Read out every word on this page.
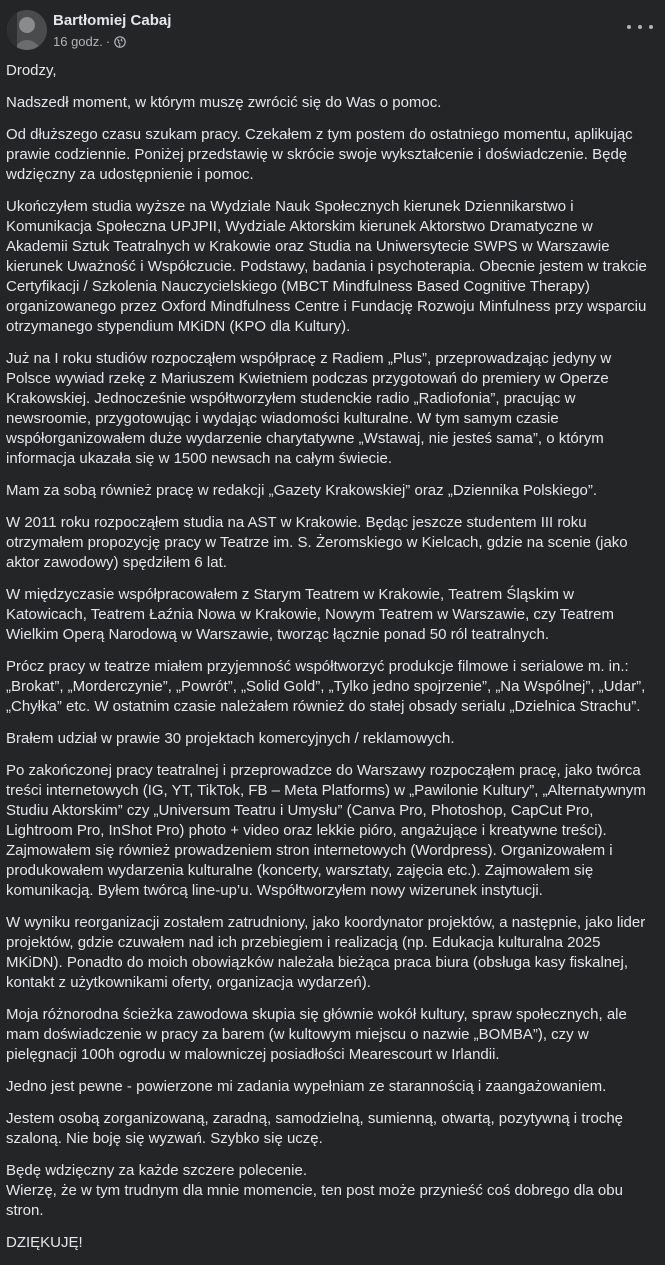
Bartłomiej Cabaj
16 godz. ·

Drodzy,

Nadszedł moment, w którym muszę zwrócić się do Was o pomoc.

Od dłuższego czasu szukam pracy. Czekałem z tym postem do ostatniego momentu, aplikując prawie codziennie. Poniżej przedstawię w skrócie swoje wykształcenie i doświadczenie. Będę wdzięczny za udostępnienie i pomoc.

Ukończyłem studia wyższe na Wydziale Nauk Społecznych kierunek Dziennikarstwo i Komunikacja Społeczna UPJPII, Wydziale Aktorskim kierunek Aktorstwo Dramatyczne w Akademii Sztuk Teatralnych w Krakowie oraz Studia na Uniwersytecie SWPS w Warszawie kierunek Uważność i Współczucie. Podstawy, badania i psychoterapia. Obecnie jestem w trakcie Certyfikacji / Szkolenia Nauczycielskiego (MBCT Mindfulness Based Cognitive Therapy) organizowanego przez Oxford Mindfulness Centre i Fundację Rozwoju Minfulness przy wsparciu otrzymanego stypendium MKiDN (KPO dla Kultury).

Już na I roku studiów rozpocząłem współpracę z Radiem „Plus”, przeprowadzając jedyny w Polsce wywiad rzekę z Mariuszem Kwietniem podczas przygotowań do premiery w Operze Krakowskiej. Jednocześnie współtworzyłem studenckie radio „Radiofonia”, pracując w newsroomie, przygotowując i wydając wiadomości kulturalne. W tym samym czasie współorganizowałem duże wydarzenie charytatywne „Wstawaj, nie jesteś sama”, o którym informacja ukazała się w 1500 newsach na całym świecie.

Mam za sobą również pracę w redakcji „Gazety Krakowskiej” oraz „Dziennika Polskiego”.

W 2011 roku rozpocząłem studia na AST w Krakowie. Będąc jeszcze studentem III roku otrzymałem propozycję pracy w Teatrze im. S. Żeromskiego w Kielcach, gdzie na scenie (jako aktor zawodowy) spędziłem 6 lat.

W międzyczasie współpracowałem z Starym Teatrem w Krakowie, Teatrem Śląskim w Katowicach, Teatrem Łaźnia Nowa w Krakowie, Nowym Teatrem w Warszawie, czy Teatrem Wielkim Operą Narodową w Warszawie, tworząc łącznie ponad 50 ról teatralnych.

Prócz pracy w teatrze miałem przyjemność współtworzyć produkcje filmowe i serialowe m. in.: „Brokat”, „Morderczynie”, „Powrót”, „Solid Gold”, „Tylko jedno spojrzenie”, „Na Wspólnej”, „Udar”, „Chyłka” etc. W ostatnim czasie należałem również do stałej obsady serialu „Dzielnica Strachu”.

Brałem udział w prawie 30 projektach komercyjnych / reklamowych.

Po zakończonej pracy teatralnej i przeprowadzce do Warszawy rozpocząłem pracę, jako twórca treści internetowych (IG, YT, TikTok, FB – Meta Platforms) w „Pawilonie Kultury”, „Alternatywnym Studiu Aktorskim” czy „Universum Teatru i Umysłu” (Canva Pro, Photoshop, CapCut Pro, Lightroom Pro, InShot Pro) photo + video oraz lekkie pióro, angażujące i kreatywne treści). Zajmowałem się również prowadzeniem stron internetowych (Wordpress). Organizowałem i produkowałem wydarzenia kulturalne (koncerty, warsztaty, zajęcia etc.). Zajmowałem się komunikacją. Byłem twórcą line-up’u. Współtworzyłem nowy wizerunek instytucji.

W wyniku reorganizacji zostałem zatrudniony, jako koordynator projektów, a następnie, jako lider projektów, gdzie czuwałem nad ich przebiegiem i realizacją (np. Edukacja kulturalna 2025 MKiDN). Ponadto do moich obowiązków należała bieżąca praca biura (obsługa kasy fiskalnej, kontakt z użytkownikami oferty, organizacja wydarzeń).

Moja różnorodna ścieżka zawodowa skupia się głównie wokół kultury, spraw społecznych, ale mam doświadczenie w pracy za barem (w kultowym miejscu o nazwie „BOMBA”), czy w pielęgnacji 100h ogrodu w malowniczej posiadłości Mearescourt w Irlandii.

Jedno jest pewne - powierzone mi zadania wypełniam ze starannością i zaangażowaniem.

Jestem osobą zorganizowaną, zaradną, samodzielną, sumienną, otwartą, pozytywną i trochę szaloną. Nie boję się wyzwań. Szybko się uczę.

Będę wdzięczny za każde szczere polecenie.
Wierzę, że w tym trudnym dla mnie momencie, ten post może przynieść coś dobrego dla obu stron.

DZIĘKUJĘ!
